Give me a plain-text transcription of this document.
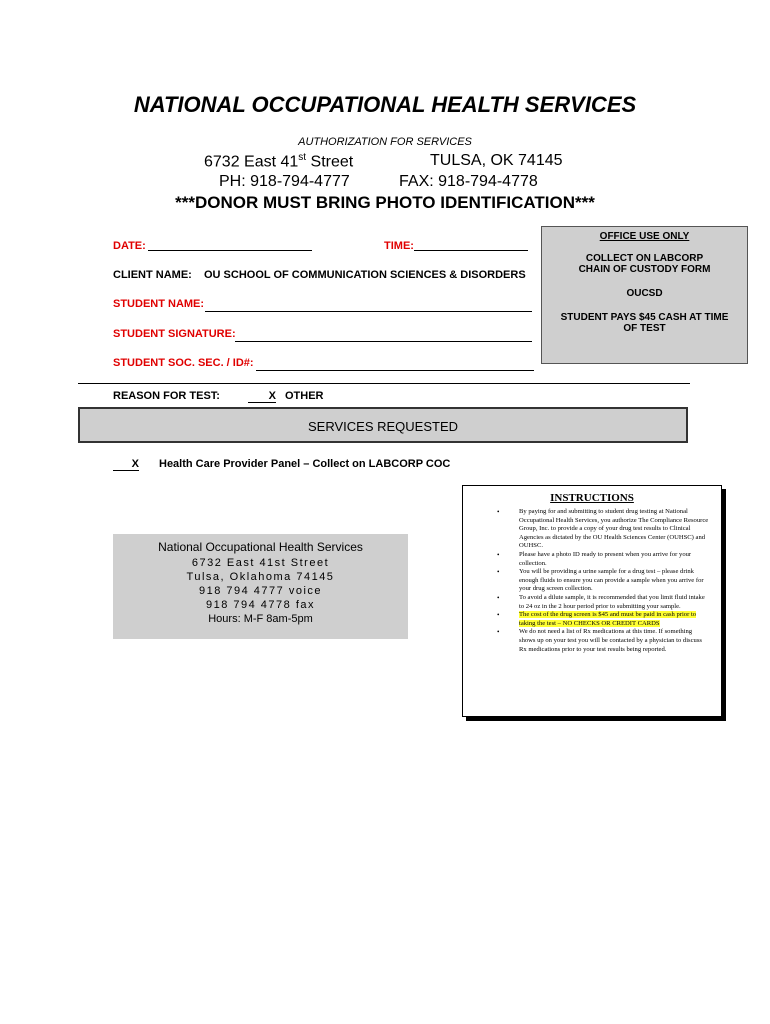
NATIONAL OCCUPATIONAL HEALTH SERVICES
AUTHORIZATION FOR SERVICES
6732 East 41st Street	TULSA, OK 74145
PH: 918-794-4777	FAX: 918-794-4778
***DONOR MUST BRING PHOTO IDENTIFICATION***
DATE:	TIME:
CLIENT NAME: OU SCHOOL OF COMMUNICATION SCIENCES & DISORDERS
STUDENT NAME:
STUDENT SIGNATURE:
STUDENT SOC. SEC. / ID#:
REASON FOR TEST:	X OTHER
OFFICE USE ONLY
COLLECT ON LABCORP
CHAIN OF CUSTODY FORM
OUCSD
STUDENT PAYS $45 CASH AT TIME
OF TEST
SERVICES REQUESTED
X Health Care Provider Panel – Collect on LABCORP COC
National Occupational Health Services
6732 East 41st Street
Tulsa, Oklahoma 74145
918 794 4777 voice
918 794 4778 fax
Hours: M-F 8am-5pm
INSTRUCTIONS
• By paying for and submitting to student drug testing at National Occupational Health Services, you authorize The Compliance Resource Group, Inc. to provide a copy of your drug test results to Clinical Agencies as dictated by the OU Health Sciences Center (OUHSC) and OUHSC.
• Please have a photo ID ready to present when you arrive for your collection.
• You will be providing a urine sample for a drug test – please drink enough fluids to ensure you can provide a sample when you arrive for your drug screen collection.
• To avoid a dilute sample, it is recommended that you limit fluid intake to 24 oz in the 2 hour period prior to submitting your sample.
• The cost of the drug screen is $45 and must be paid in cash prior to taking the test – NO CHECKS OR CREDIT CARDS
• We do not need a list of Rx medications at this time. If something shows up on your test you will be contacted by a physician to discuss Rx medications prior to your test results being reported.
